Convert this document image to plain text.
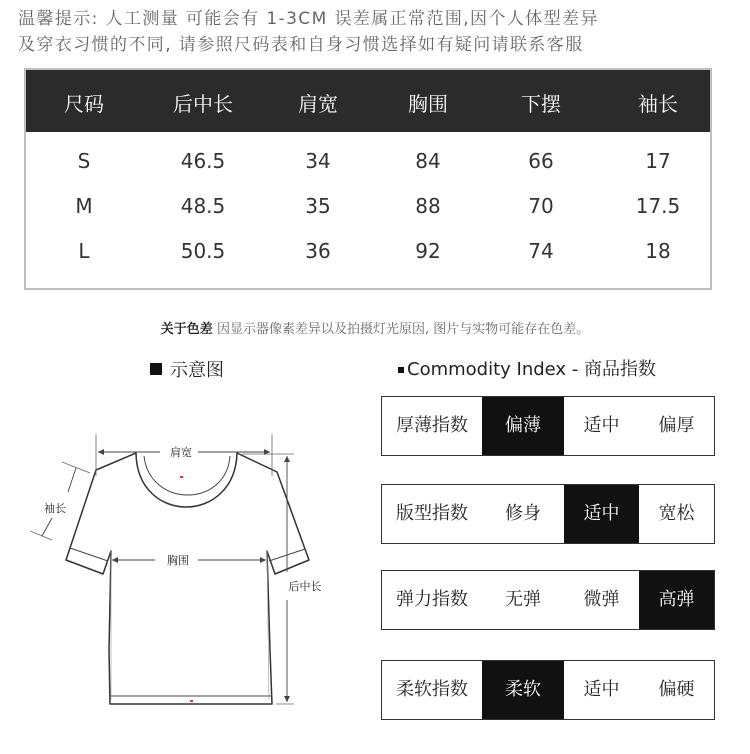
温馨提示: 人工测量 可能会有 1-3CM 误差属正常范围,因个人体型差异
及穿衣习惯的不同, 请参照尺码表和自身习惯选择如有疑问请联系客服
尺码	后中长	肩宽	胸围	下摆	袖长
S	46.5	34	84	66	17
M	48.5	35	88	70	17.5
L	50.5	36	92	74	18
关于色差 因显示器像素差异以及拍摄灯光原因, 图片与实物可能存在色差。
示意图	Commodity Index - 商品指数
肩宽
袖长
胸围
后中长
厚薄指数	偏薄	适中	偏厚
版型指数	修身	适中	宽松
弹力指数	无弹	微弹	高弹
柔软指数	柔软	适中	偏硬
